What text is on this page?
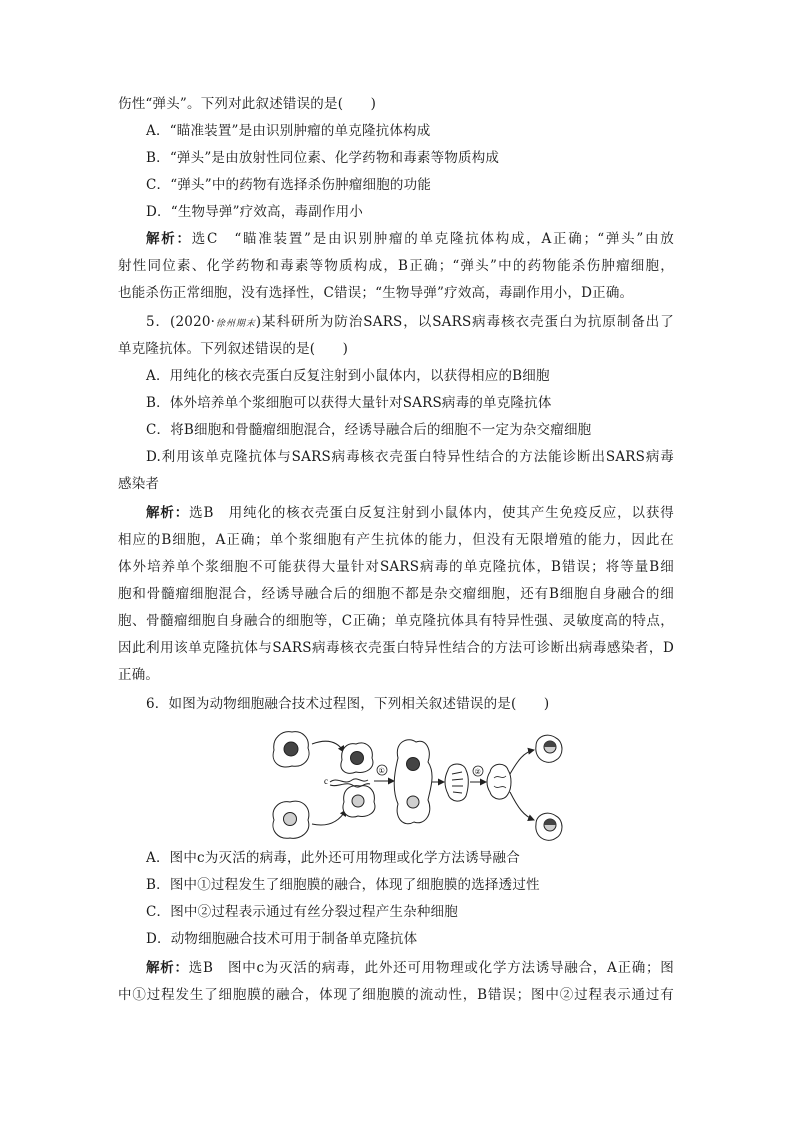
伤性“弹头”。下列对此叙述错误的是(　　)
A．“瞄准装置”是由识别肿瘤的单克隆抗体构成
B．“弹头”是由放射性同位素、化学药物和毒素等物质构成
C．“弹头”中的药物有选择杀伤肿瘤细胞的功能
D．“生物导弹”疗效高，毒副作用小
解析：选C　“瞄准装置”是由识别肿瘤的单克隆抗体构成，A正确；“弹头”由放
射性同位素、化学药物和毒素等物质构成，B正确；“弹头”中的药物能杀伤肿瘤细胞，
也能杀伤正常细胞，没有选择性，C错误；“生物导弹”疗效高，毒副作用小，D正确。
5．(2020·徐州期末)某科研所为防治SARS，以SARS病毒核衣壳蛋白为抗原制备出了
单克隆抗体。下列叙述错误的是(　　)
A．用纯化的核衣壳蛋白反复注射到小鼠体内，以获得相应的B细胞
B．体外培养单个浆细胞可以获得大量针对SARS病毒的单克隆抗体
C．将B细胞和骨髓瘤细胞混合，经诱导融合后的细胞不一定为杂交瘤细胞
D.利用该单克隆抗体与SARS病毒核衣壳蛋白特异性结合的方法能诊断出SARS病毒
感染者
解析：选B　用纯化的核衣壳蛋白反复注射到小鼠体内，使其产生免疫反应，以获得
相应的B细胞，A正确；单个浆细胞有产生抗体的能力，但没有无限增殖的能力，因此在
体外培养单个浆细胞不可能获得大量针对SARS病毒的单克隆抗体，B错误；将等量B细
胞和骨髓瘤细胞混合，经诱导融合后的细胞不都是杂交瘤细胞，还有B细胞自身融合的细
胞、骨髓瘤细胞自身融合的细胞等，C正确；单克隆抗体具有特异性强、灵敏度高的特点，
因此利用该单克隆抗体与SARS病毒核衣壳蛋白特异性结合的方法可诊断出病毒感染者，D
正确。
6．如图为动物细胞融合技术过程图，下列相关叙述错误的是(　　)
c
①	②
A．图中c为灭活的病毒，此外还可用物理或化学方法诱导融合
B．图中①过程发生了细胞膜的融合，体现了细胞膜的选择透过性
C．图中②过程表示通过有丝分裂过程产生杂种细胞
D．动物细胞融合技术可用于制备单克隆抗体
解析：选B　图中c为灭活的病毒，此外还可用物理或化学方法诱导融合，A正确；图
中①过程发生了细胞膜的融合，体现了细胞膜的流动性，B错误；图中②过程表示通过有
